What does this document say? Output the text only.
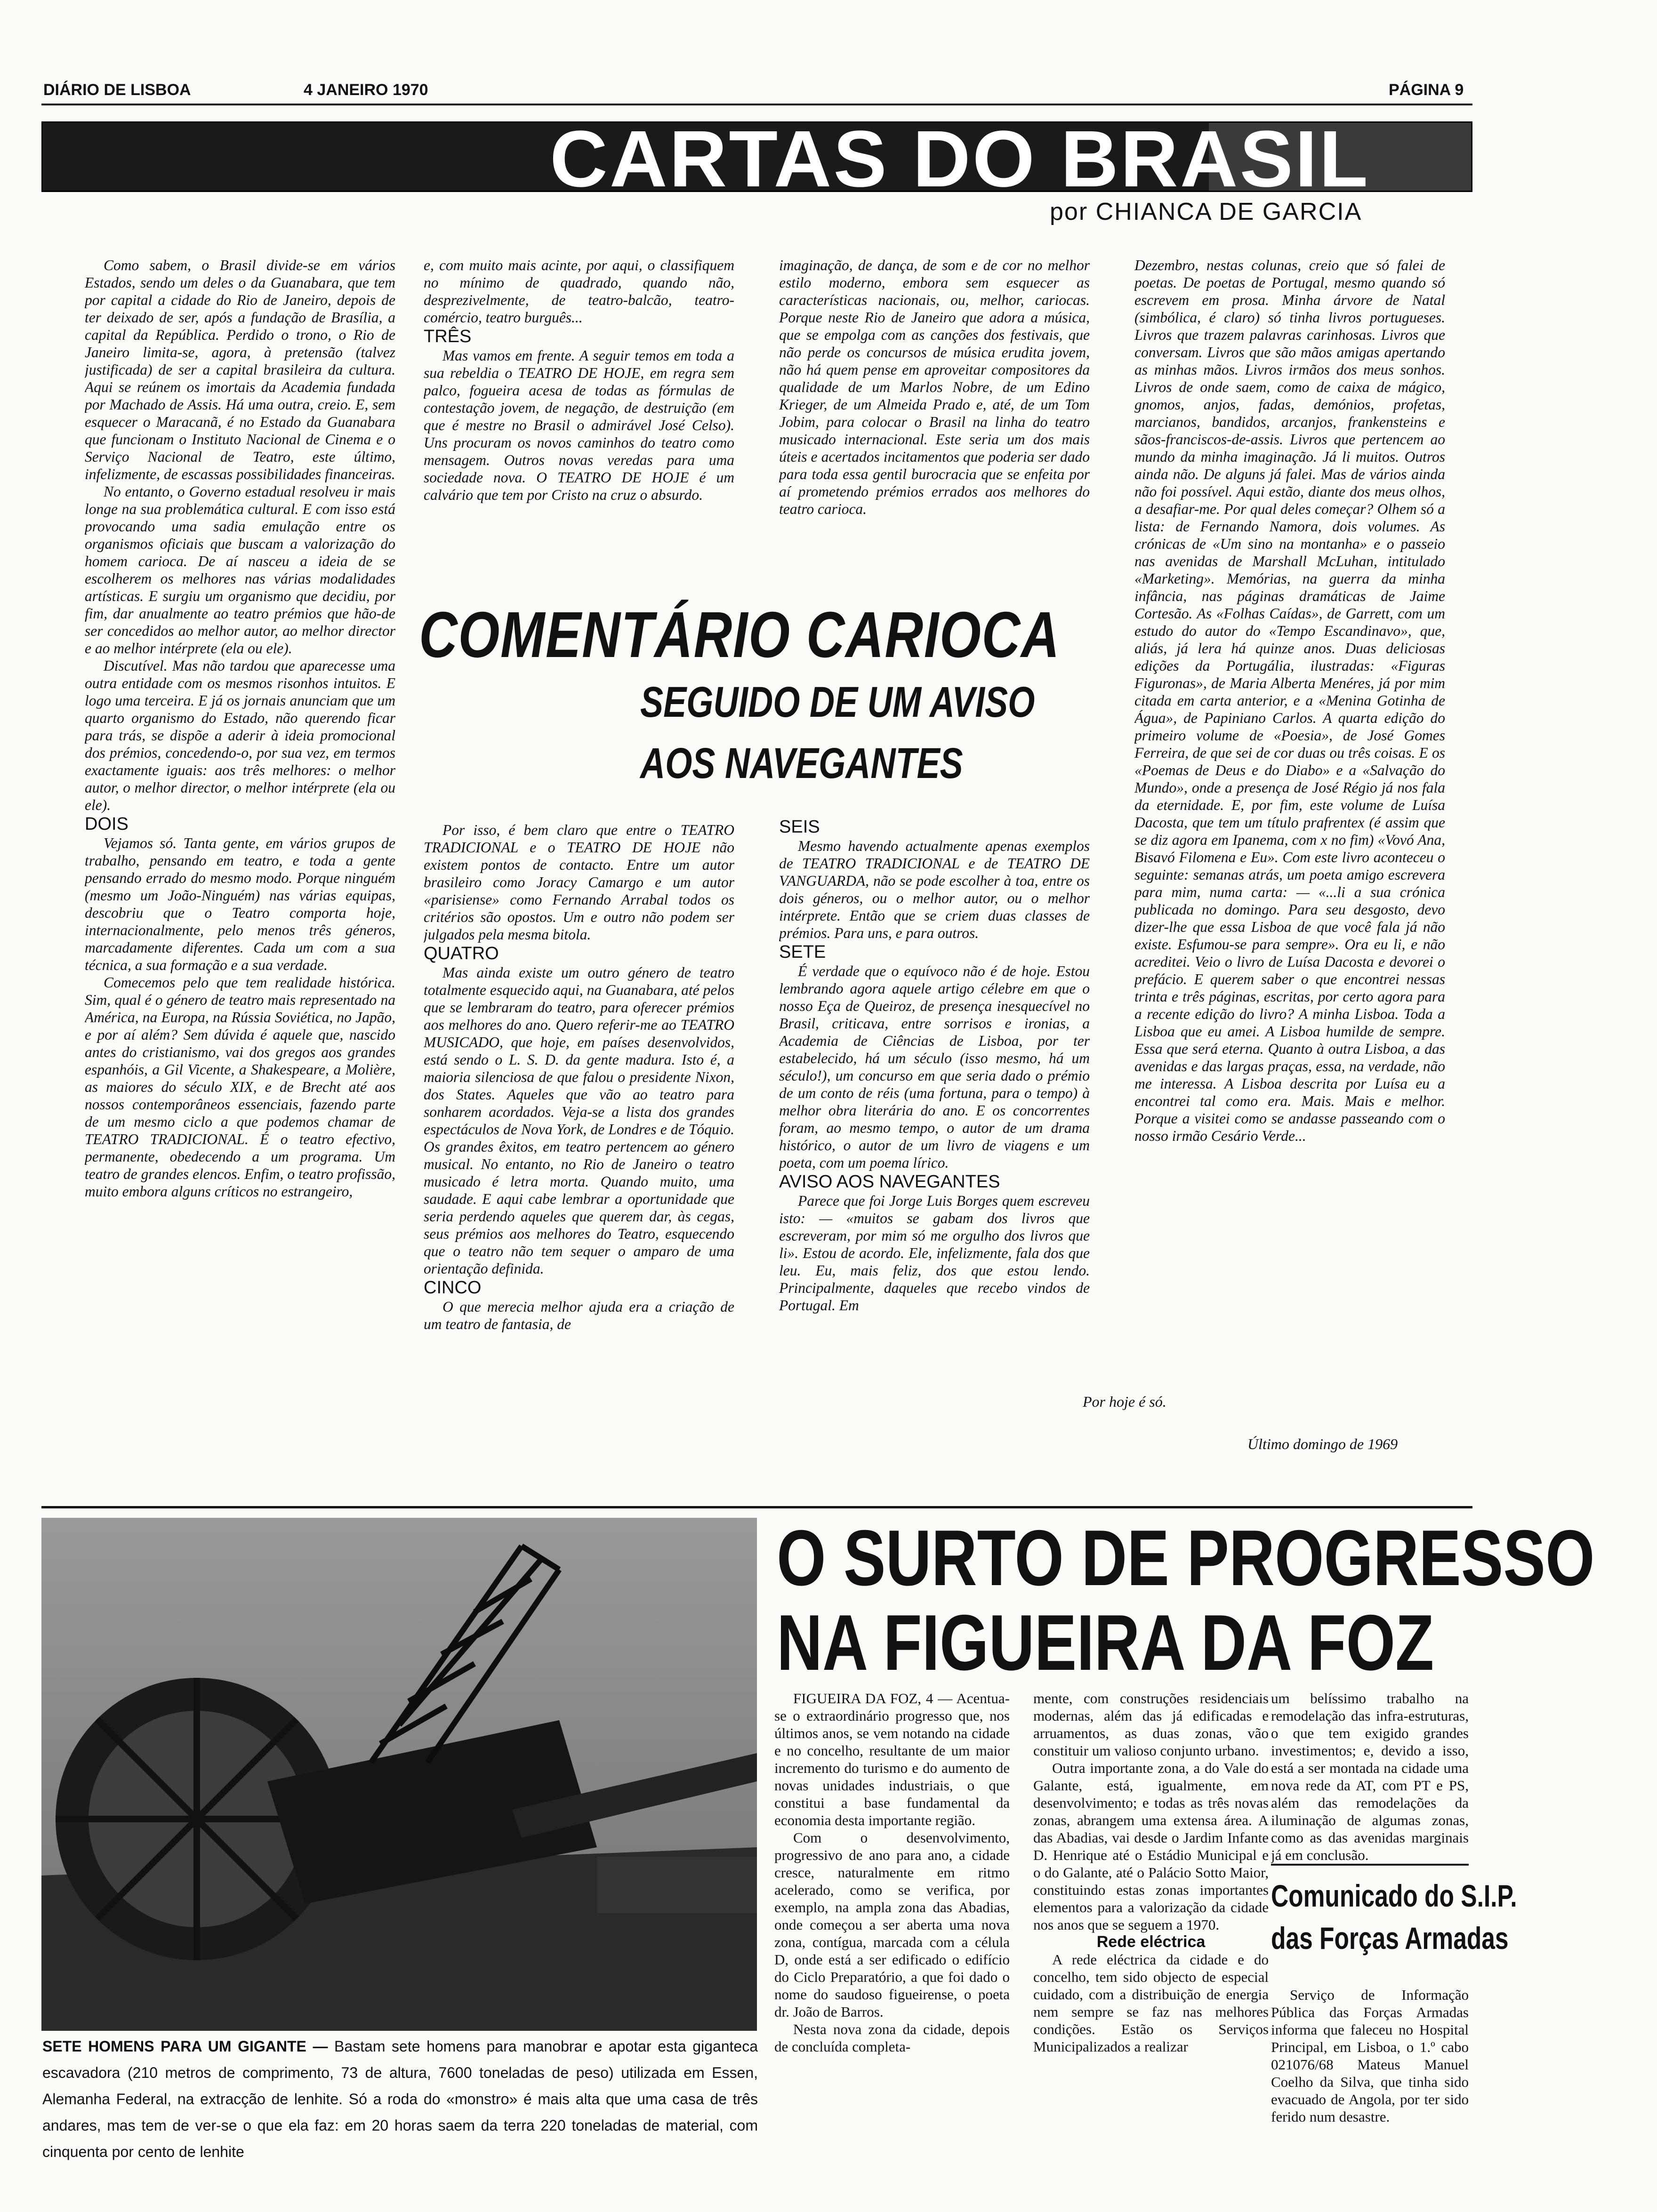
DIÁRIO DE LISBOA	4 JANEIRO 1970	PÁGINA 9
CARTAS DO BRASIL
por CHIANCA DE GARCIA

Como sabem, o Brasil divide-se em vários Estados, sendo um deles o da Guanabara, que tem por capital a cidade do Rio de Janeiro, depois de ter deixado de ser, após a fundação de Brasília, a capital da República. Perdido o trono, o Rio de Janeiro limita-se, agora, à pretensão (talvez justificada) de ser a capital brasileira da cultura. Aqui se reúnem os imortais da Academia fundada por Machado de Assis. Há uma outra, creio. E, sem esquecer o Maracanã, é no Estado da Guanabara que funcionam o Instituto Nacional de Cinema e o Serviço Nacional de Teatro, este último, infelizmente, de escassas possibilidades financeiras.

No entanto, o Governo estadual resolveu ir mais longe na sua problemática cultural. E com isso está provocando uma sadia emulação entre os organismos oficiais que buscam a valorização do homem carioca. De aí nasceu a ideia de se escolherem os melhores nas várias modalidades artísticas. E surgiu um organismo que decidiu, por fim, dar anualmente ao teatro prémios que hão-de ser concedidos ao melhor autor, ao melhor director e ao melhor intérprete (ela ou ele).

Discutível. Mas não tardou que aparecesse uma outra entidade com os mesmos risonhos intuitos. E logo uma terceira. E já os jornais anunciam que um quarto organismo do Estado, não querendo ficar para trás, se dispõe a aderir à ideia promocional dos prémios, concedendo-o, por sua vez, em termos exactamente iguais: aos três melhores: o melhor autor, o melhor director, o melhor intérprete (ela ou ele).

DOIS

Vejamos só. Tanta gente, em vários grupos de trabalho, pensando em teatro, e toda a gente pensando errado do mesmo modo. Porque ninguém (mesmo um João-Ninguém) nas várias equipas, descobriu que o Teatro comporta hoje, internacionalmente, pelo menos três géneros, marcadamente diferentes. Cada um com a sua técnica, a sua formação e a sua verdade.

Comecemos pelo que tem realidade histórica. Sim, qual é o género de teatro mais representado na América, na Europa, na Rússia Soviética, no Japão, e por aí além? Sem dúvida é aquele que, nascido antes do cristianismo, vai dos gregos aos grandes espanhóis, a Gil Vicente, a Shakespeare, a Molière, as maiores do século XIX, e de Brecht até aos nossos contemporâneos essenciais, fazendo parte de um mesmo ciclo a que podemos chamar de TEATRO TRADICIONAL. É o teatro efectivo, permanente, obedecendo a um programa. Um teatro de grandes elencos. Enfim, o teatro profissão, muito embora alguns críticos no estrangeiro,

e, com muito mais acinte, por aqui, o classifiquem no mínimo de quadrado, quando não, desprezivelmente, de teatro-balcão, teatro-comércio, teatro burguês...

TRÊS

Mas vamos em frente. A seguir temos em toda a sua rebeldia o TEATRO DE HOJE, em regra sem palco, fogueira acesa de todas as fórmulas de contestação jovem, de negação, de destruição (em que é mestre no Brasil o admirável José Celso). Uns procuram os novos caminhos do teatro como mensagem. Outros novas veredas para uma sociedade nova. O TEATRO DE HOJE é um calvário que tem por Cristo na cruz o absurdo.

imaginação, de dança, de som e de cor no melhor estilo moderno, embora sem esquecer as características nacionais, ou, melhor, cariocas. Porque neste Rio de Janeiro que adora a música, que se empolga com as canções dos festivais, que não perde os concursos de música erudita jovem, não há quem pense em aproveitar compositores da qualidade de um Marlos Nobre, de um Edino Krieger, de um Almeida Prado e, até, de um Tom Jobim, para colocar o Brasil na linha do teatro musicado internacional. Este seria um dos mais úteis e acertados incitamentos que poderia ser dado para toda essa gentil burocracia que se enfeita por aí prometendo prémios errados aos melhores do teatro carioca.

COMENTÁRIO CARIOCA
SEGUIDO DE UM AVISO
AOS NAVEGANTES

Por isso, é bem claro que entre o TEATRO TRADICIONAL e o TEATRO DE HOJE não existem pontos de contacto. Entre um autor brasileiro como Joracy Camargo e um autor «parisiense» como Fernando Arrabal todos os critérios são opostos. Um e outro não podem ser julgados pela mesma bitola.

QUATRO

Mas ainda existe um outro género de teatro totalmente esquecido aqui, na Guanabara, até pelos que se lembraram do teatro, para oferecer prémios aos melhores do ano. Quero referir-me ao TEATRO MUSICADO, que hoje, em países desenvolvidos, está sendo o L. S. D. da gente madura. Isto é, a maioria silenciosa de que falou o presidente Nixon, dos States. Aqueles que vão ao teatro para sonharem acordados. Veja-se a lista dos grandes espectáculos de Nova York, de Londres e de Tóquio. Os grandes êxitos, em teatro pertencem ao género musical. No entanto, no Rio de Janeiro o teatro musicado é letra morta. Quando muito, uma saudade. E aqui cabe lembrar a oportunidade que seria perdendo aqueles que querem dar, às cegas, seus prémios aos melhores do Teatro, esquecendo que o teatro não tem sequer o amparo de uma orientação definida.

CINCO

O que merecia melhor ajuda era a criação de um teatro de fantasia, de

SEIS

Mesmo havendo actualmente apenas exemplos de TEATRO TRADICIONAL e de TEATRO DE VANGUARDA, não se pode escolher à toa, entre os dois géneros, ou o melhor autor, ou o melhor intérprete. Então que se criem duas classes de prémios. Para uns, e para outros.

SETE

É verdade que o equívoco não é de hoje. Estou lembrando agora aquele artigo célebre em que o nosso Eça de Queiroz, de presença inesquecível no Brasil, criticava, entre sorrisos e ironias, a Academia de Ciências de Lisboa, por ter estabelecido, há um século (isso mesmo, há um século!), um concurso em que seria dado o prémio de um conto de réis (uma fortuna, para o tempo) à melhor obra literária do ano. E os concorrentes foram, ao mesmo tempo, o autor de um drama histórico, o autor de um livro de viagens e um poeta, com um poema lírico.

AVISO AOS NAVEGANTES

Parece que foi Jorge Luis Borges quem escreveu isto: — «muitos se gabam dos livros que escreveram, por mim só me orgulho dos livros que li». Estou de acordo. Ele, infelizmente, fala dos que leu. Eu, mais feliz, dos que estou lendo. Principalmente, daqueles que recebo vindos de Portugal. Em

Dezembro, nestas colunas, creio que só falei de poetas. De poetas de Portugal, mesmo quando só escrevem em prosa. Minha árvore de Natal (simbólica, é claro) só tinha livros portugueses. Livros que trazem palavras carinhosas. Livros que conversam. Livros que são mãos amigas apertando as minhas mãos. Livros irmãos dos meus sonhos. Livros de onde saem, como de caixa de mágico, gnomos, anjos, fadas, demónios, profetas, marcianos, bandidos, arcanjos, frankensteins e sãos-franciscos-de-assis. Livros que pertencem ao mundo da minha imaginação. Já li muitos. Outros ainda não. De alguns já falei. Mas de vários ainda não foi possível. Aqui estão, diante dos meus olhos, a desafiar-me. Por qual deles começar? Olhem só a lista: de Fernando Namora, dois volumes. As crónicas de «Um sino na montanha» e o passeio nas avenidas de Marshall McLuhan, intitulado «Marketing». Memórias, na guerra da minha infância, nas páginas dramáticas de Jaime Cortesão. As «Folhas Caídas», de Garrett, com um estudo do autor do «Tempo Escandinavo», que, aliás, já lera há quinze anos. Duas deliciosas edições da Portugália, ilustradas: «Figuras Figuronas», de Maria Alberta Menéres, já por mim citada em carta anterior, e a «Menina Gotinha de Água», de Papiniano Carlos. A quarta edição do primeiro volume de «Poesia», de José Gomes Ferreira, de que sei de cor duas ou três coisas. E os «Poemas de Deus e do Diabo» e a «Salvação do Mundo», onde a presença de José Régio já nos fala da eternidade. E, por fim, este volume de Luísa Dacosta, que tem um título prafrentex (é assim que se diz agora em Ipanema, com x no fim) «Vovó Ana, Bisavó Filomena e Eu». Com este livro aconteceu o seguinte: semanas atrás, um poeta amigo escrevera para mim, numa carta: — «...li a sua crónica publicada no domingo. Para seu desgosto, devo dizer-lhe que essa Lisboa de que você fala já não existe. Esfumou-se para sempre». Ora eu li, e não acreditei. Veio o livro de Luísa Dacosta e devorei o prefácio. E querem saber o que encontrei nessas trinta e três páginas, escritas, por certo agora para a recente edição do livro? A minha Lisboa. Toda a Lisboa que eu amei. A Lisboa humilde de sempre. Essa que será eterna. Quanto à outra Lisboa, a das avenidas e das largas praças, essa, na verdade, não me interessa. A Lisboa descrita por Luísa eu a encontrei tal como era. Mais. Mais e melhor. Porque a visitei como se andasse passeando com o nosso irmão Cesário Verde...

Por hoje é só.
Último domingo de 1969
SETE HOMENS PARA UM GIGANTE — Bastam sete homens para manobrar e apotar esta giganteca escavadora (210 metros de comprimento, 73 de altura, 7600 toneladas de peso) utilizada em Essen, Alemanha Federal, na extracção de lenhite. Só a roda do «monstro» é mais alta que uma casa de três andares, mas tem de ver-se o que ela faz: em 20 horas saem da terra 220 toneladas de material, com cinquenta por cento de lenhite
O SURTO DE PROGRESSO
NA FIGUEIRA DA FOZ

FIGUEIRA DA FOZ, 4 — Acentua-se o extraordinário progresso que, nos últimos anos, se vem notando na cidade e no concelho, resultante de um maior incremento do turismo e do aumento de novas unidades industriais, o que constitui a base fundamental da economia desta importante região.

Com o desenvolvimento, progressivo de ano para ano, a cidade cresce, naturalmente em ritmo acelerado, como se verifica, por exemplo, na ampla zona das Abadias, onde começou a ser aberta uma nova zona, contígua, marcada com a célula D, onde está a ser edificado o edifício do Ciclo Preparatório, a que foi dado o nome do saudoso figueirense, o poeta dr. João de Barros.

Nesta nova zona da cidade, depois de concluída completa-

mente, com construções residenciais modernas, além das já edificadas e arruamentos, as duas zonas, vão constituir um valioso conjunto urbano.

Outra importante zona, a do Vale do Galante, está, igualmente, em desenvolvimento; e todas as três novas zonas, abrangem uma extensa área. A das Abadias, vai desde o Jardim Infante D. Henrique até o Estádio Municipal e o do Galante, até o Palácio Sotto Maior, constituindo estas zonas importantes elementos para a valorização da cidade nos anos que se seguem a 1970.

Rede eléctrica

A rede eléctrica da cidade e do concelho, tem sido objecto de especial cuidado, com a distribuição de energia nem sempre se faz nas melhores condições. Estão os Serviços Municipalizados a realizar

um belíssimo trabalho na remodelação das infra-estruturas, o que tem exigido grandes investimentos; e, devido a isso, está a ser montada na cidade uma nova rede da AT, com PT e PS, além das remodelações da iluminação de algumas zonas, como as das avenidas marginais já em conclusão.

Comunicado do S.I.P.
das Forças Armadas

Serviço de Informação Pública das Forças Armadas informa que faleceu no Hospital Principal, em Lisboa, o 1.º cabo 021076/68 Mateus Manuel Coelho da Silva, que tinha sido evacuado de Angola, por ter sido ferido num desastre.
